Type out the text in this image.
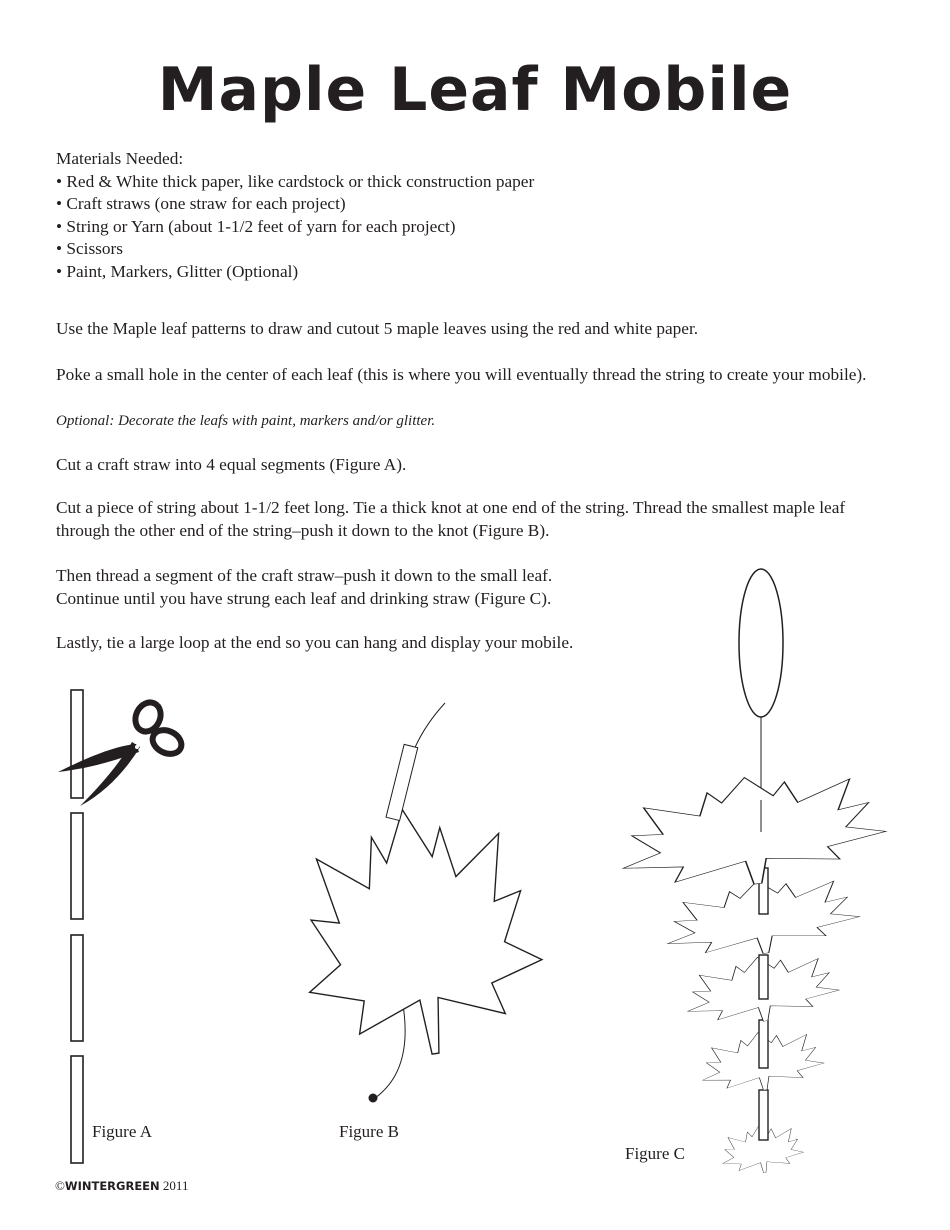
Maple Leaf Mobile

Materials Needed:

• Red & White thick paper, like cardstock or thick construction paper

• Craft straws (one straw for each project)

• String or Yarn (about 1-1/2 feet of yarn for each project)

• Scissors

• Paint, Markers, Glitter (Optional)

Use the Maple leaf patterns to draw and cutout 5 maple leaves using the red and white paper.
Poke a small hole in the center of each leaf (this is where you will eventually thread the string to create your mobile).
Optional: Decorate the leafs with paint, markers and/or glitter.
Cut a craft straw into 4 equal segments (Figure A).
Cut a piece of string about 1-1/2 feet long. Tie a thick knot at one end of the string. Thread the smallest maple leaf through the other end of the string–push it down to the knot (Figure B).

Then thread a segment of the craft straw–push it down to the small leaf.

Continue until you have strung each leaf and drinking straw (Figure C).

Lastly, tie a large loop at the end so you can hang and display your mobile.
Figure A	Figure B
Figure C
©WINTERGREEN 2011
